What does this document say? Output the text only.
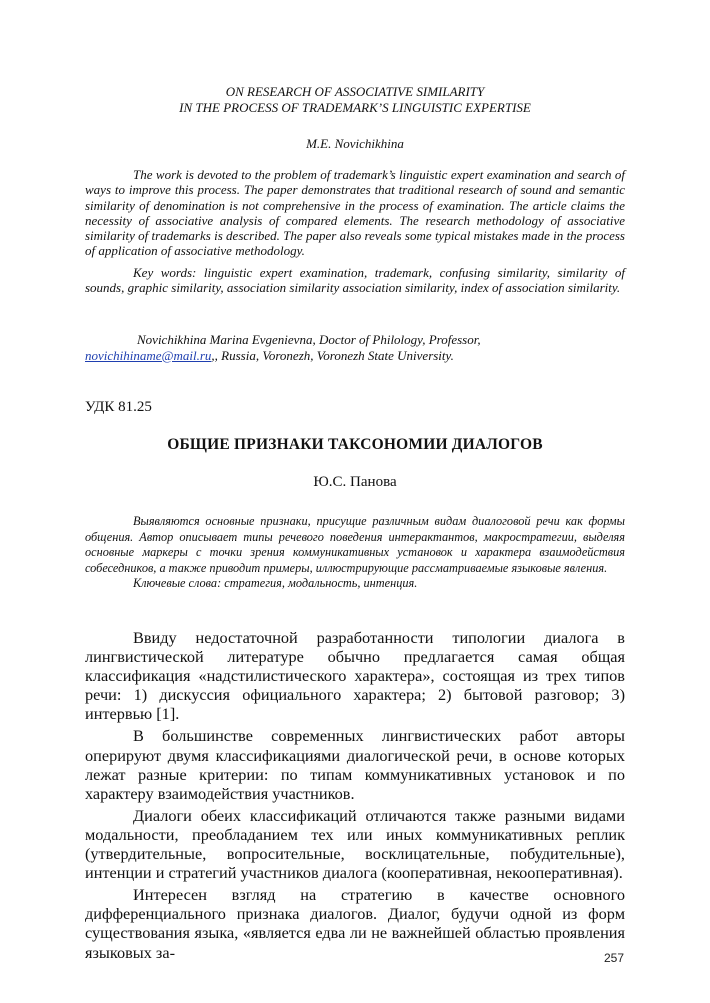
ON RESEARCH OF ASSOCIATIVE SIMILARITY
IN THE PROCESS OF TRADEMARK’S LINGUISTIC EXPERTISE
M.E. Novichikhina

The work is devoted to the problem of trademark’s linguistic expert examination and search of ways to improve this process. The paper demonstrates that traditional research of sound and semantic similarity of denomination is not comprehensive in the process of examination. The article claims the necessity of associative analysis of compared elements. The research methodology of associative similarity of trademarks is described. The paper also reveals some typical mistakes made in the process of application of associative methodology.

Key words: linguistic expert examination, trademark, confusing similarity, similarity of sounds, graphic similarity, association similarity association similarity, index of association similarity.

Novichikhina Marina Evgenievna, Doctor of Philology, Professor,
novichihiname@mail.ru,, Russia, Voronezh, Voronezh State University.

УДК 81.25
ОБЩИЕ ПРИЗНАКИ ТАКСОНОМИИ ДИАЛОГОВ
Ю.С. Панова

Выявляются основные признаки, присущие различным видам диалоговой речи как формы общения. Автор описывает типы речевого поведения интерактантов, макростратегии, выделяя основные маркеры с точки зрения коммуникативных установок и характера взаимодействия собеседников, а также приводит примеры, иллюстрирующие рассматриваемые языковые явления.

Ключевые слова: стратегия, модальность, интенция.

Ввиду недостаточной разработанности типологии диалога в лингвистической литературе обычно предлагается самая общая классификация «надстилистического характера», состоящая из трех типов речи: 1) дискуссия официального характера; 2) бытовой разговор; 3) интервью [1].

В большинстве современных лингвистических работ авторы оперируют двумя классификациями диалогической речи, в основе которых лежат разные критерии: по типам коммуникативных установок и по характеру взаимодействия участников.

Диалоги обеих классификаций отличаются также разными видами модальности, преобладанием тех или иных коммуникативных реплик (утвердительные, вопросительные, восклицательные, побудительные), интенции и стратегий участников диалога (кооперативная, некооперативная).

Интересен взгляд на стратегию в качестве основного дифференциального признака диалогов. Диалог, будучи одной из форм существования языка, «является едва ли не важнейшей областью проявления языковых за-	257
